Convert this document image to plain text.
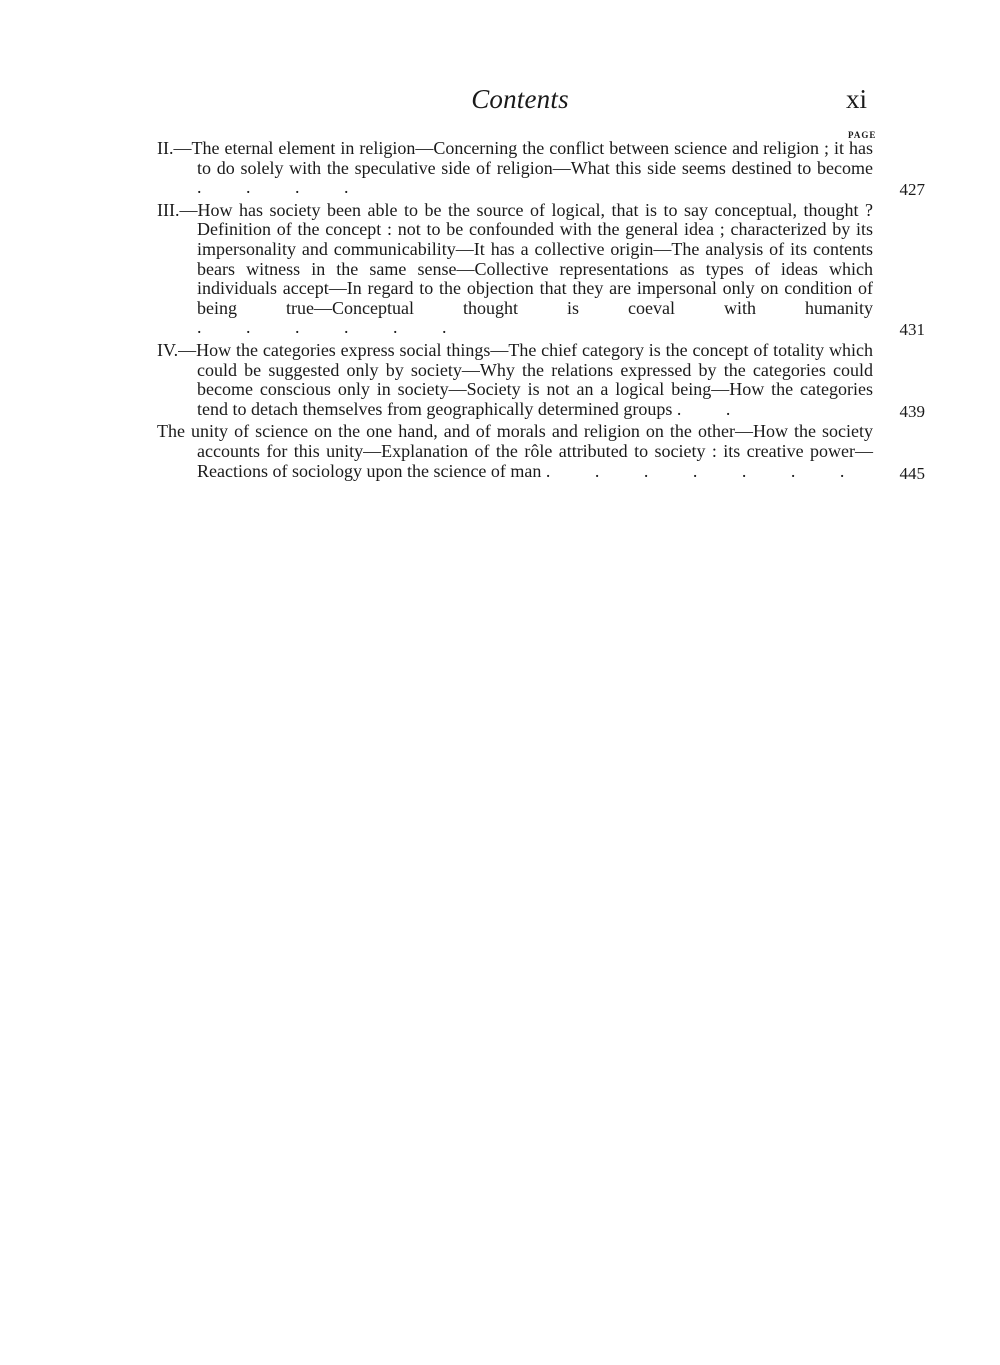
Contents	xi
PAGE
II.—The eternal element in religion—Concerning the conflict between science and religion ; it has to do solely with the speculative side of religion—What this side seems destined to become . . . .	427
III.—How has society been able to be the source of logical, that is to say conceptual, thought ? Definition of the concept : not to be confounded with the general idea ; characterized by its impersonality and communicability—It has a collective origin—The analysis of its contents bears witness in the same sense—Collective representations as types of ideas which individuals accept—In regard to the objection that they are impersonal only on condition of being true—Conceptual thought is coeval with humanity . . . . . .	431
IV.—How the categories express social things—The chief category is the concept of totality which could be suggested only by society—Why the relations expressed by the categories could become conscious only in society—Society is not an a logical being—How the categories tend to detach themselves from geographically determined groups . .	439
The unity of science on the one hand, and of morals and religion on the other—How the society accounts for this unity—Explanation of the rôle attributed to society : its creative power—Reactions of sociology upon the science of man . . . . . . . 445
